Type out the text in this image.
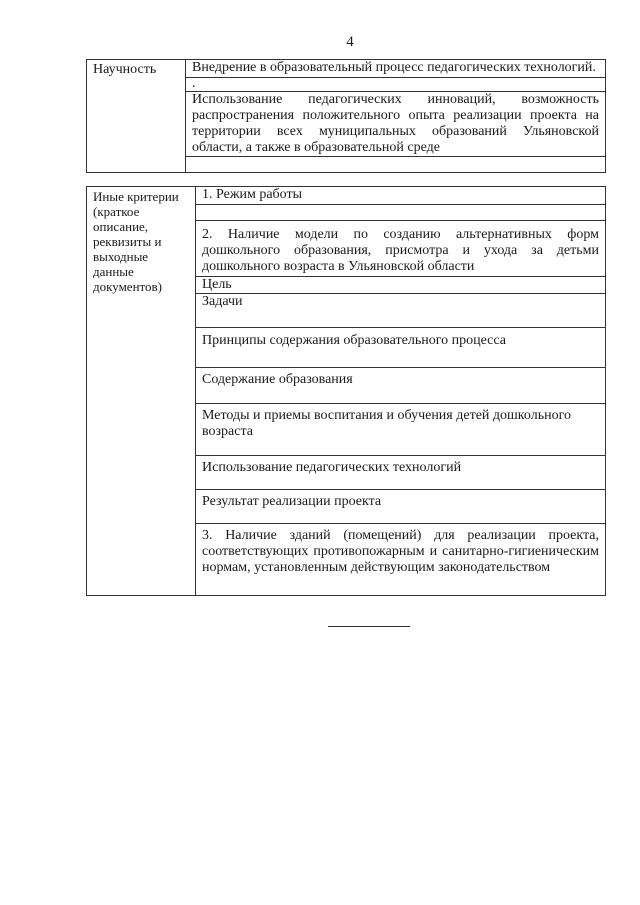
4
Научность	Внедрение в образовательный процесс педагогических технологий.
.
Использование педагогических инноваций, возможность распространения положительного опыта реализации проекта на территории всех муниципальных образований Ульяновской области, а также в образовательной среде

Иные критерии (краткое описание, реквизиты и выходные данные документов)	1. Режим работы

2. Наличие модели по созданию альтернативных форм дошкольного образования, присмотра и ухода за детьми дошкольного возраста в Ульяновской области
Цель
Задачи
Принципы содержания образовательного процесса
Содержание образования
Методы и приемы воспитания и обучения детей дошкольного возраста
Использование педагогических технологий
Результат реализации проекта
3. Наличие зданий (помещений) для реализации проекта, соответствующих противопожарным и санитарно-гигиеническим нормам, установленным действующим законодательством
